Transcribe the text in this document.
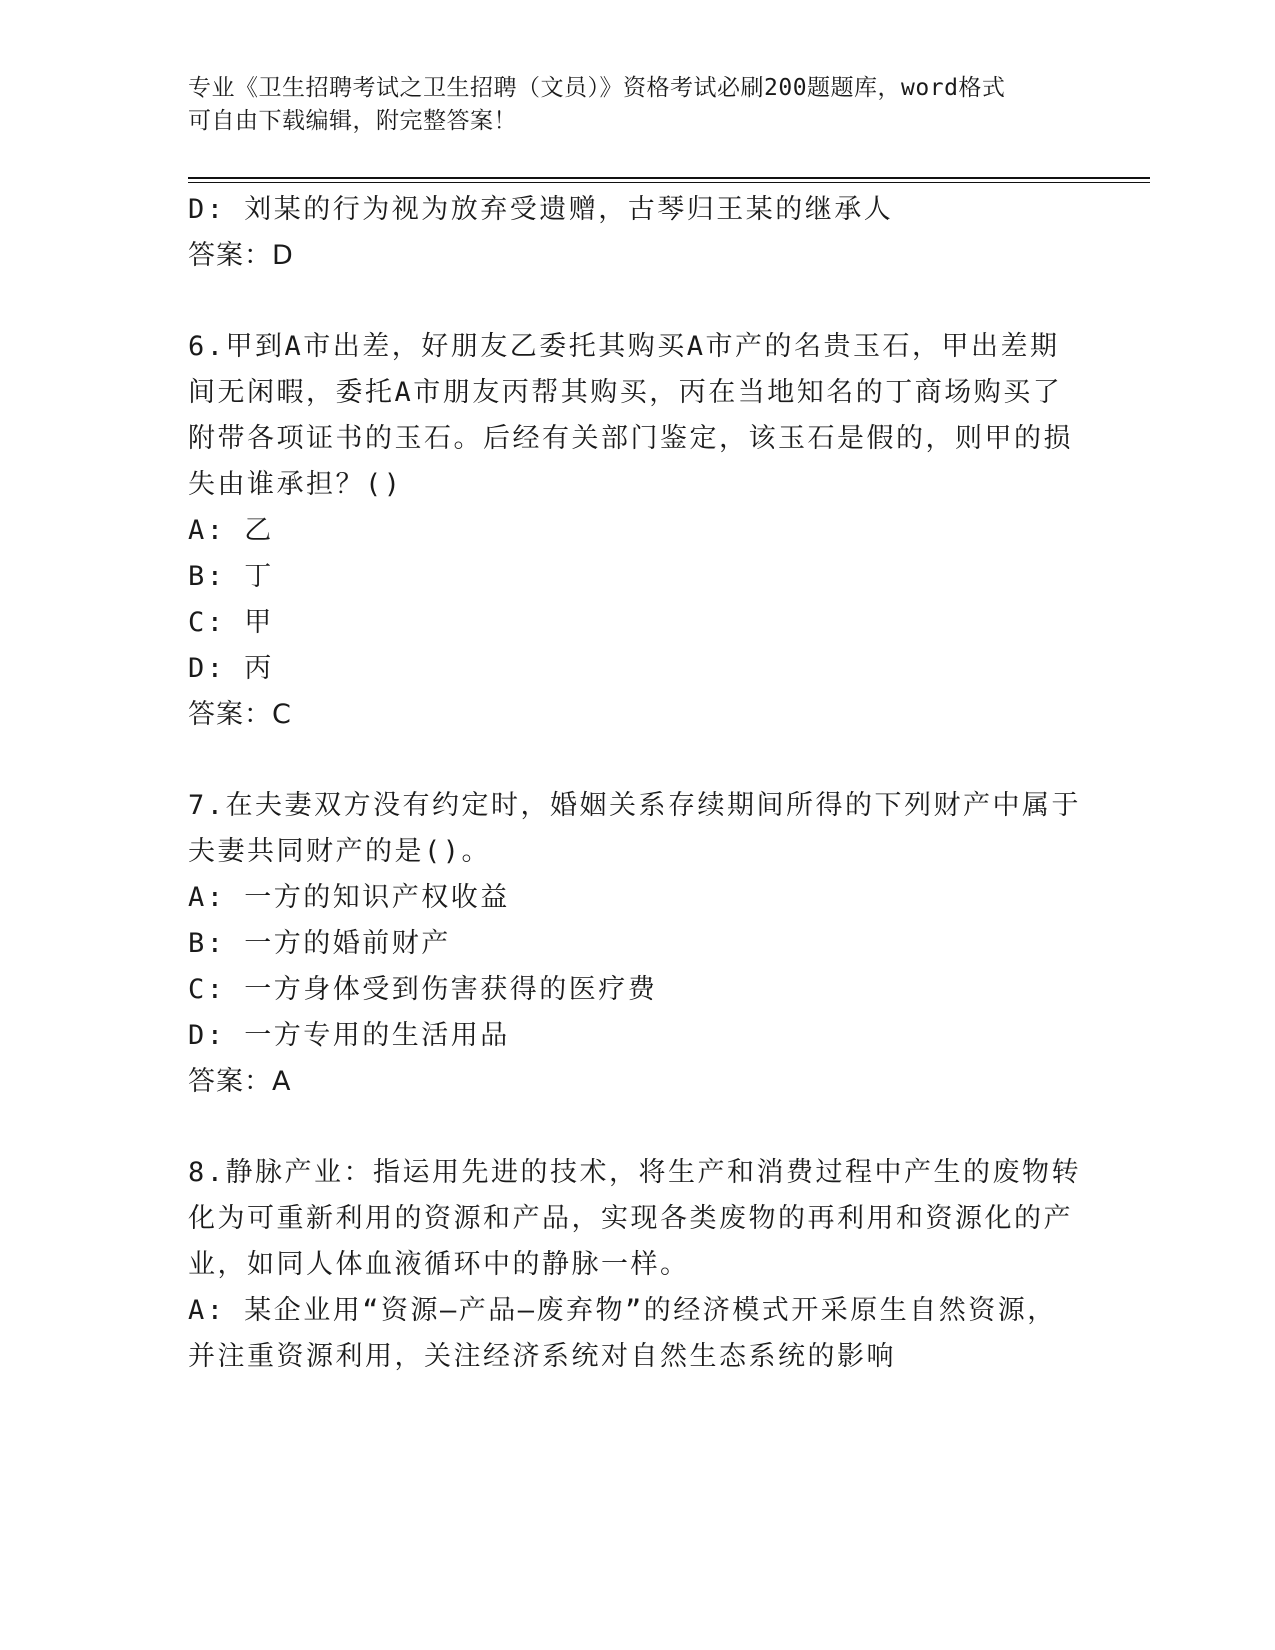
专业《卫生招聘考试之卫生招聘（文员）》资格考试必刷200题题库，word格式
可自由下载编辑，附完整答案！
D: 刘某的行为视为放弃受遗赠，古琴归王某的继承人
答案：D
6.甲到A市出差，好朋友乙委托其购买A市产的名贵玉石，甲出差期
间无闲暇，委托A市朋友丙帮其购买，丙在当地知名的丁商场购买了
附带各项证书的玉石。后经有关部门鉴定，该玉石是假的，则甲的损
失由谁承担？()
A: 乙
B: 丁
C: 甲
D: 丙
答案：C
7.在夫妻双方没有约定时，婚姻关系存续期间所得的下列财产中属于
夫妻共同财产的是()。
A: 一方的知识产权收益
B: 一方的婚前财产
C: 一方身体受到伤害获得的医疗费
D: 一方专用的生活用品
答案：A
8.静脉产业：指运用先进的技术，将生产和消费过程中产生的废物转
化为可重新利用的资源和产品，实现各类废物的再利用和资源化的产
业，如同人体血液循环中的静脉一样。
A: 某企业用“资源—产品—废弃物”的经济模式开采原生自然资源，
并注重资源利用，关注经济系统对自然生态系统的影响
